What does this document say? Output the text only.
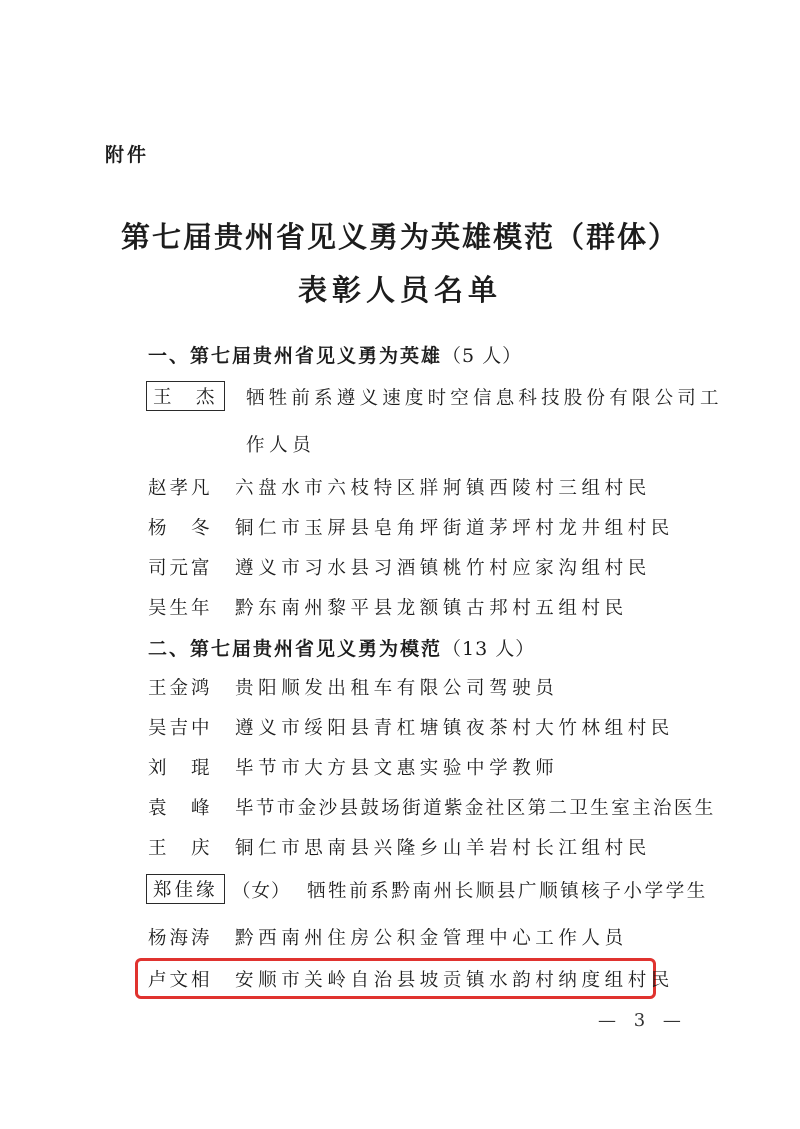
附件
第七届贵州省见义勇为英雄模范（群体）
表彰人员名单
一、第七届贵州省见义勇为英雄（5 人）
王　杰	牺牲前系遵义速度时空信息科技股份有限公司工
作人员
赵孝凡 六盘水市六枝特区牂牁镇西陵村三组村民
杨　冬 铜仁市玉屏县皂角坪街道茅坪村龙井组村民
司元富 遵义市习水县习酒镇桃竹村应家沟组村民
吴生年 黔东南州黎平县龙额镇古邦村五组村民
二、第七届贵州省见义勇为模范（13 人）
王金鸿 贵阳顺发出租车有限公司驾驶员
吴吉中 遵义市绥阳县青杠塘镇夜茶村大竹林组村民
刘　琨 毕节市大方县文惠实验中学教师
袁　峰 毕节市金沙县鼓场街道紫金社区第二卫生室主治医生
王　庆 铜仁市思南县兴隆乡山羊岩村长江组村民
郑佳缘 （女） 牺牲前系黔南州长顺县广顺镇核子小学学生
杨海涛 黔西南州住房公积金管理中心工作人员
卢文相 安顺市关岭自治县坡贡镇水韵村纳度组村民
— 3 —
